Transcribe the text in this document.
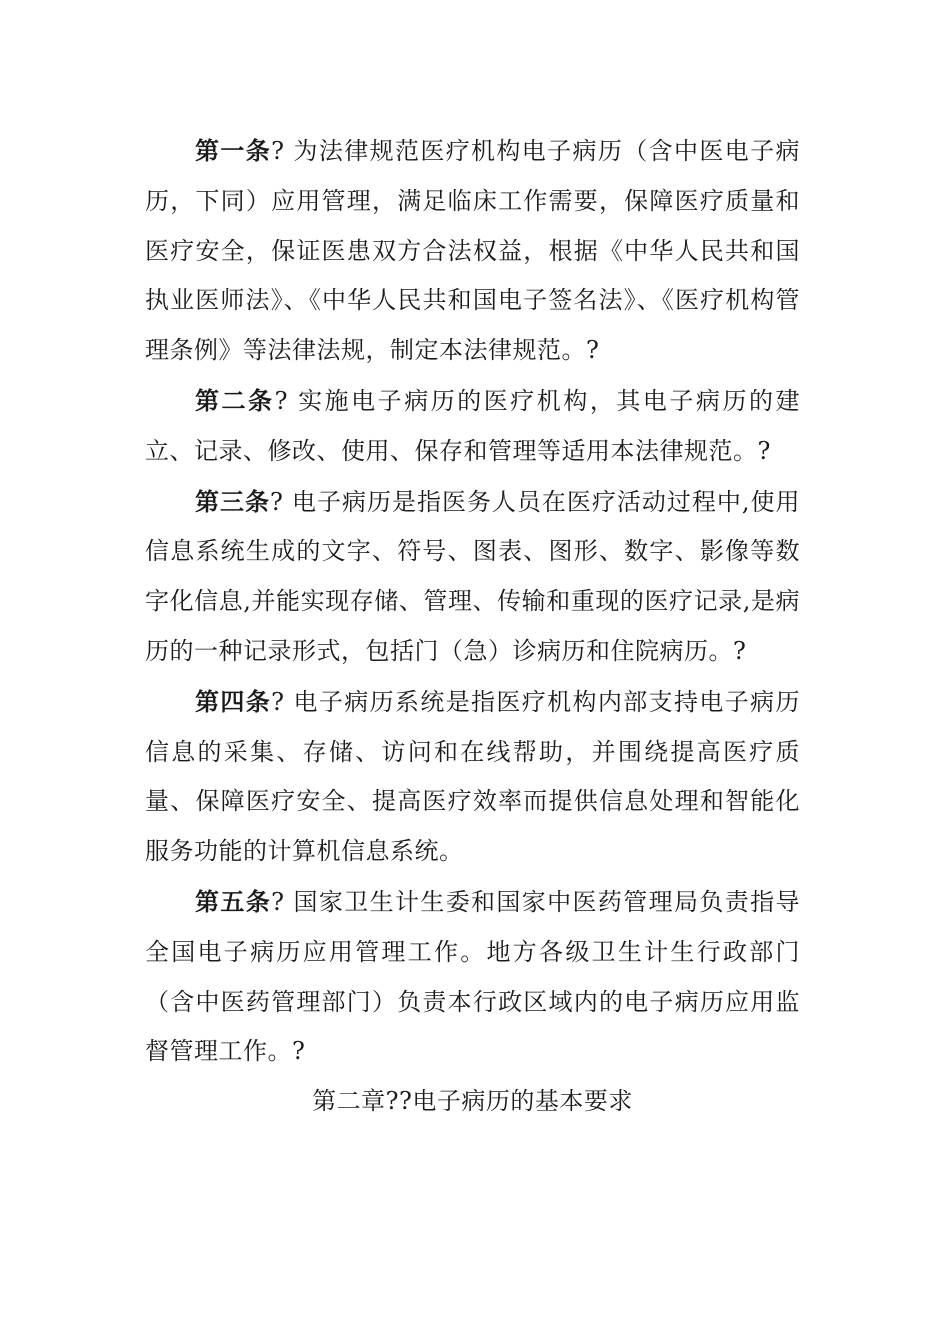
第一条? 为法律规范医疗机构电子病历（含中医电子病历，下同）应用管理，满足临床工作需要，保障医疗质量和医疗安全，保证医患双方合法权益，根据《中华人民共和国执业医师法》、《中华人民共和国电子签名法》、《医疗机构管理条例》等法律法规，制定本法律规范。?

第二条? 实施电子病历的医疗机构，其电子病历的建立、记录、修改、使用、保存和管理等适用本法律规范。?

第三条? 电子病历是指医务人员在医疗活动过程中,使用信息系统生成的文字、符号、图表、图形、数字、影像等数字化信息,并能实现存储、管理、传输和重现的医疗记录,是病历的一种记录形式，包括门（急）诊病历和住院病历。?

第四条? 电子病历系统是指医疗机构内部支持电子病历信息的采集、存储、访问和在线帮助，并围绕提高医疗质量、保障医疗安全、提高医疗效率而提供信息处理和智能化服务功能的计算机信息系统。

第五条? 国家卫生计生委和国家中医药管理局负责指导全国电子病历应用管理工作。地方各级卫生计生行政部门（含中医药管理部门）负责本行政区域内的电子病历应用监督管理工作。?

第二章??电子病历的基本要求
